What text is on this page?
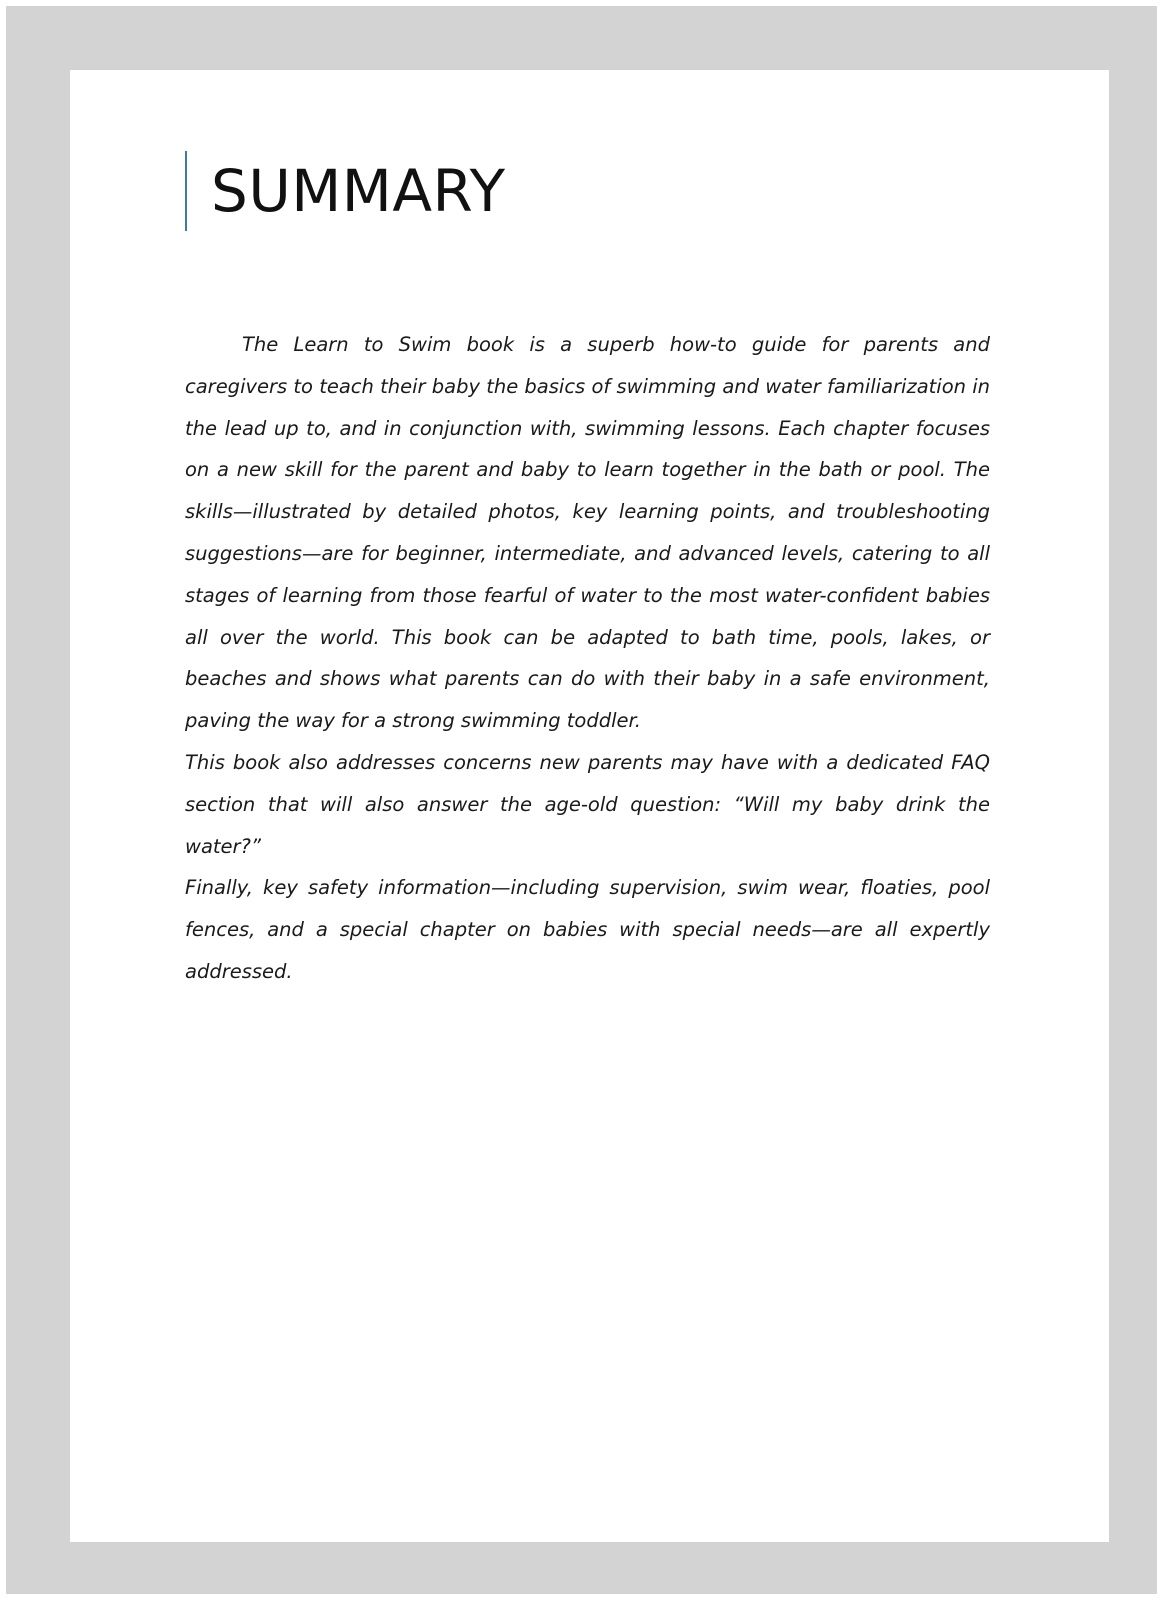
SUMMARY

The Learn to Swim book is a superb how-to guide for parents and caregivers to teach their baby the basics of swimming and water familiarization in the lead up to, and in conjunction with, swimming lessons. Each chapter focuses on a new skill for the parent and baby to learn together in the bath or pool. The skills—illustrated by detailed photos, key learning points, and troubleshooting suggestions—are for beginner, intermediate, and advanced levels, catering to all stages of learning from those fearful of water to the most water-confident babies all over the world. This book can be adapted to bath time, pools, lakes, or beaches and shows what parents can do with their baby in a safe environment, paving the way for a strong swimming toddler.

This book also addresses concerns new parents may have with a dedicated FAQ section that will also answer the age-old question: “Will my baby drink the water?”

Finally, key safety information—including supervision, swim wear, floaties, pool fences, and a special chapter on babies with special needs—are all expertly addressed.
